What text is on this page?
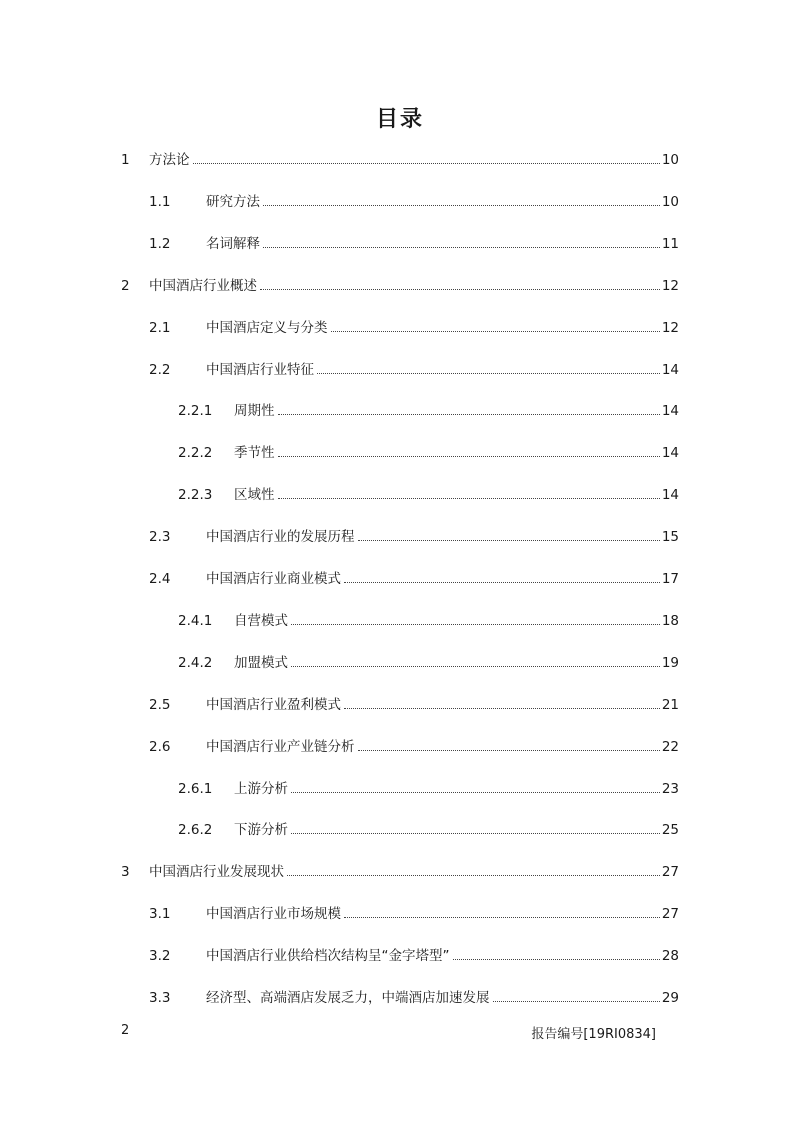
目录
1	方法论	10
1.1	研究方法	10
1.2	名词解释	11
2	中国酒店行业概述	12
2.1	中国酒店定义与分类	12
2.2	中国酒店行业特征	14
2.2.1	周期性	14
2.2.2	季节性	14
2.2.3	区域性	14
2.3	中国酒店行业的发展历程	15
2.4	中国酒店行业商业模式	17
2.4.1	自营模式	18
2.4.2	加盟模式	19
2.5	中国酒店行业盈利模式	21
2.6	中国酒店行业产业链分析	22
2.6.1	上游分析	23
2.6.2	下游分析	25
3	中国酒店行业发展现状	27
3.1	中国酒店行业市场规模	27
3.2	中国酒店行业供给档次结构呈“金字塔型”	28
3.3	经济型、高端酒店发展乏力，中端酒店加速发展	29
2	报告编号[19RI0834]
